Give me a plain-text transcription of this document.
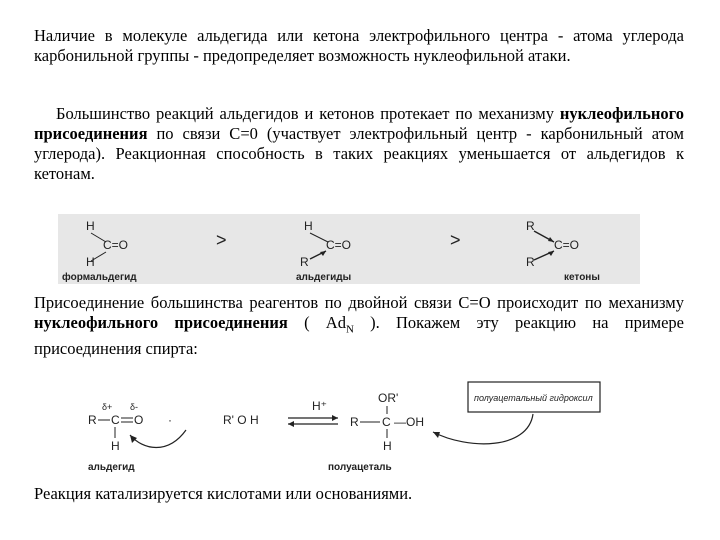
Наличие в молекуле альдегида или кетона электрофильного центра - атома углерода карбонильной группы - предопределяет возможность нуклеофильной атаки.

Большинство реакций альдегидов и кетонов протекает по механизму нуклеофильного присоединения по связи С=0 (участвует электрофильный центр - карбонильный атом углерода). Реакционная способность в таких реакциях уменьшается от альдегидов к кетонам.

H
C=O
H
формальдегид
>
H
C=O
R
альдегиды
>
R
C=O
R
кетоны

Присоединение большинства реагентов по двойной связи С=О происходит по механизму нуклеофильного присоединения ( $Ad_N$ ). Покажем эту реакцию на примере присоединения спирта:

δ+ δ-
R C O
H
альдегид
·	R' O H
H⁺
OR'
R C —OH
H
полуацеталь
полуацетальный гидроксил

Реакция катализируется кислотами или основаниями.
